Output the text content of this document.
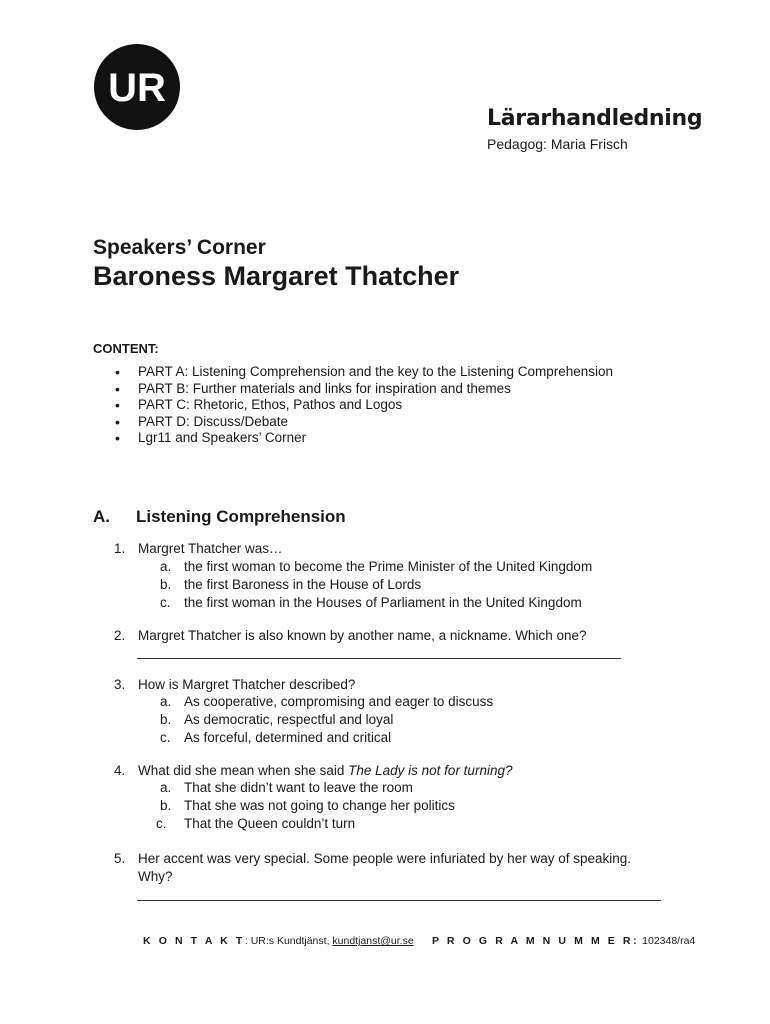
UR
Lärarhandledning
Pedagog: Maria Frisch
Speakers’ Corner
Baroness Margaret Thatcher
CONTENT:
• PART A: Listening Comprehension and the key to the Listening Comprehension
• PART B: Further materials and links for inspiration and themes
• PART C: Rhetoric, Ethos, Pathos and Logos
• PART D: Discuss/Debate
• Lgr11 and Speakers’ Corner
A. Listening Comprehension
1. Margret Thatcher was…
a. the first woman to become the Prime Minister of the United Kingdom
b. the first Baroness in the House of Lords
c. the first woman in the Houses of Parliament in the United Kingdom
2. Margret Thatcher is also known by another name, a nickname. Which one?
3. How is Margret Thatcher described?
a. As cooperative, compromising and eager to discuss
b. As democratic, respectful and loyal
c. As forceful, determined and critical
4. What did she mean when she said The Lady is not for turning?
a. That she didn’t want to leave the room
b. That she was not going to change her politics
c. That the Queen couldn’t turn
5. Her accent was very special. Some people were infuriated by her way of speaking.
Why?
K O N T A K T: UR:s Kundtjänst, kundtjanst@ur.se P R O G R A M N U M M E R: 102348/ra4
